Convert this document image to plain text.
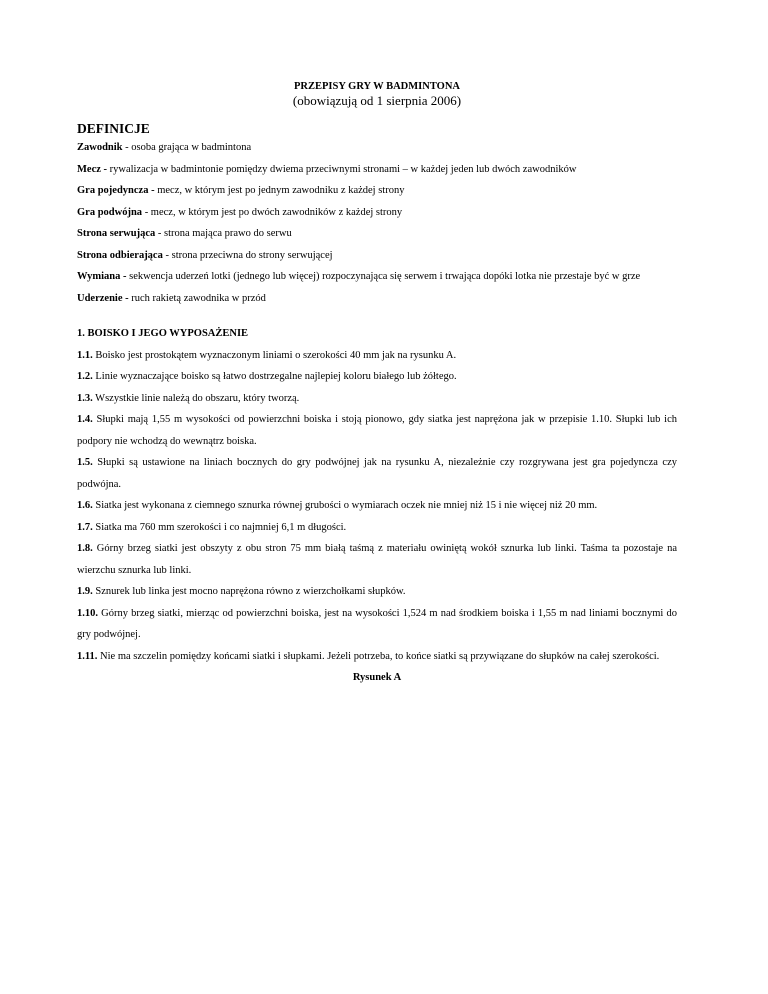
PRZEPISY GRY W BADMINTONA
(obowiązują od 1 sierpnia 2006)
DEFINICJE
Zawodnik - osoba grająca w badmintona
Mecz - rywalizacja w badmintonie pomiędzy dwiema przeciwnymi stronami – w każdej jeden lub dwóch zawodników
Gra pojedyncza - mecz, w którym jest po jednym zawodniku z każdej strony
Gra podwójna - mecz, w którym jest po dwóch zawodników z każdej strony
Strona serwująca - strona mająca prawo do serwu
Strona odbierająca - strona przeciwna do strony serwującej
Wymiana - sekwencja uderzeń lotki (jednego lub więcej) rozpoczynająca się serwem i trwająca dopóki lotka nie przestaje być w grze
Uderzenie - ruch rakietą zawodnika w przód
1. BOISKO I JEGO WYPOSAŻENIE
1.1. Boisko jest prostokątem wyznaczonym liniami o szerokości 40 mm jak na rysunku A.
1.2. Linie wyznaczające boisko są łatwo dostrzegalne najlepiej koloru białego lub żółtego.
1.3. Wszystkie linie należą do obszaru, który tworzą.
1.4. Słupki mają 1,55 m wysokości od powierzchni boiska i stoją pionowo, gdy siatka jest naprężona jak w przepisie 1.10. Słupki lub ich podpory nie wchodzą do wewnątrz boiska.
1.5. Słupki są ustawione na liniach bocznych do gry podwójnej jak na rysunku A, niezależnie czy rozgrywana jest gra pojedyncza czy podwójna.
1.6. Siatka jest wykonana z ciemnego sznurka równej grubości o wymiarach oczek nie mniej niż 15 i nie więcej niż 20 mm.
1.7. Siatka ma 760 mm szerokości i co najmniej 6,1 m długości.
1.8. Górny brzeg siatki jest obszyty z obu stron 75 mm białą taśmą z materiału owiniętą wokół sznurka lub linki. Taśma ta pozostaje na wierzchu sznurka lub linki.
1.9. Sznurek lub linka jest mocno naprężona równo z wierzchołkami słupków.
1.10. Górny brzeg siatki, mierząc od powierzchni boiska, jest na wysokości 1,524 m nad środkiem boiska i 1,55 m nad liniami bocznymi do gry podwójnej.
1.11. Nie ma szczelin pomiędzy końcami siatki i słupkami. Jeżeli potrzeba, to końce siatki są przywiązane do słupków na całej szerokości.
Rysunek A
